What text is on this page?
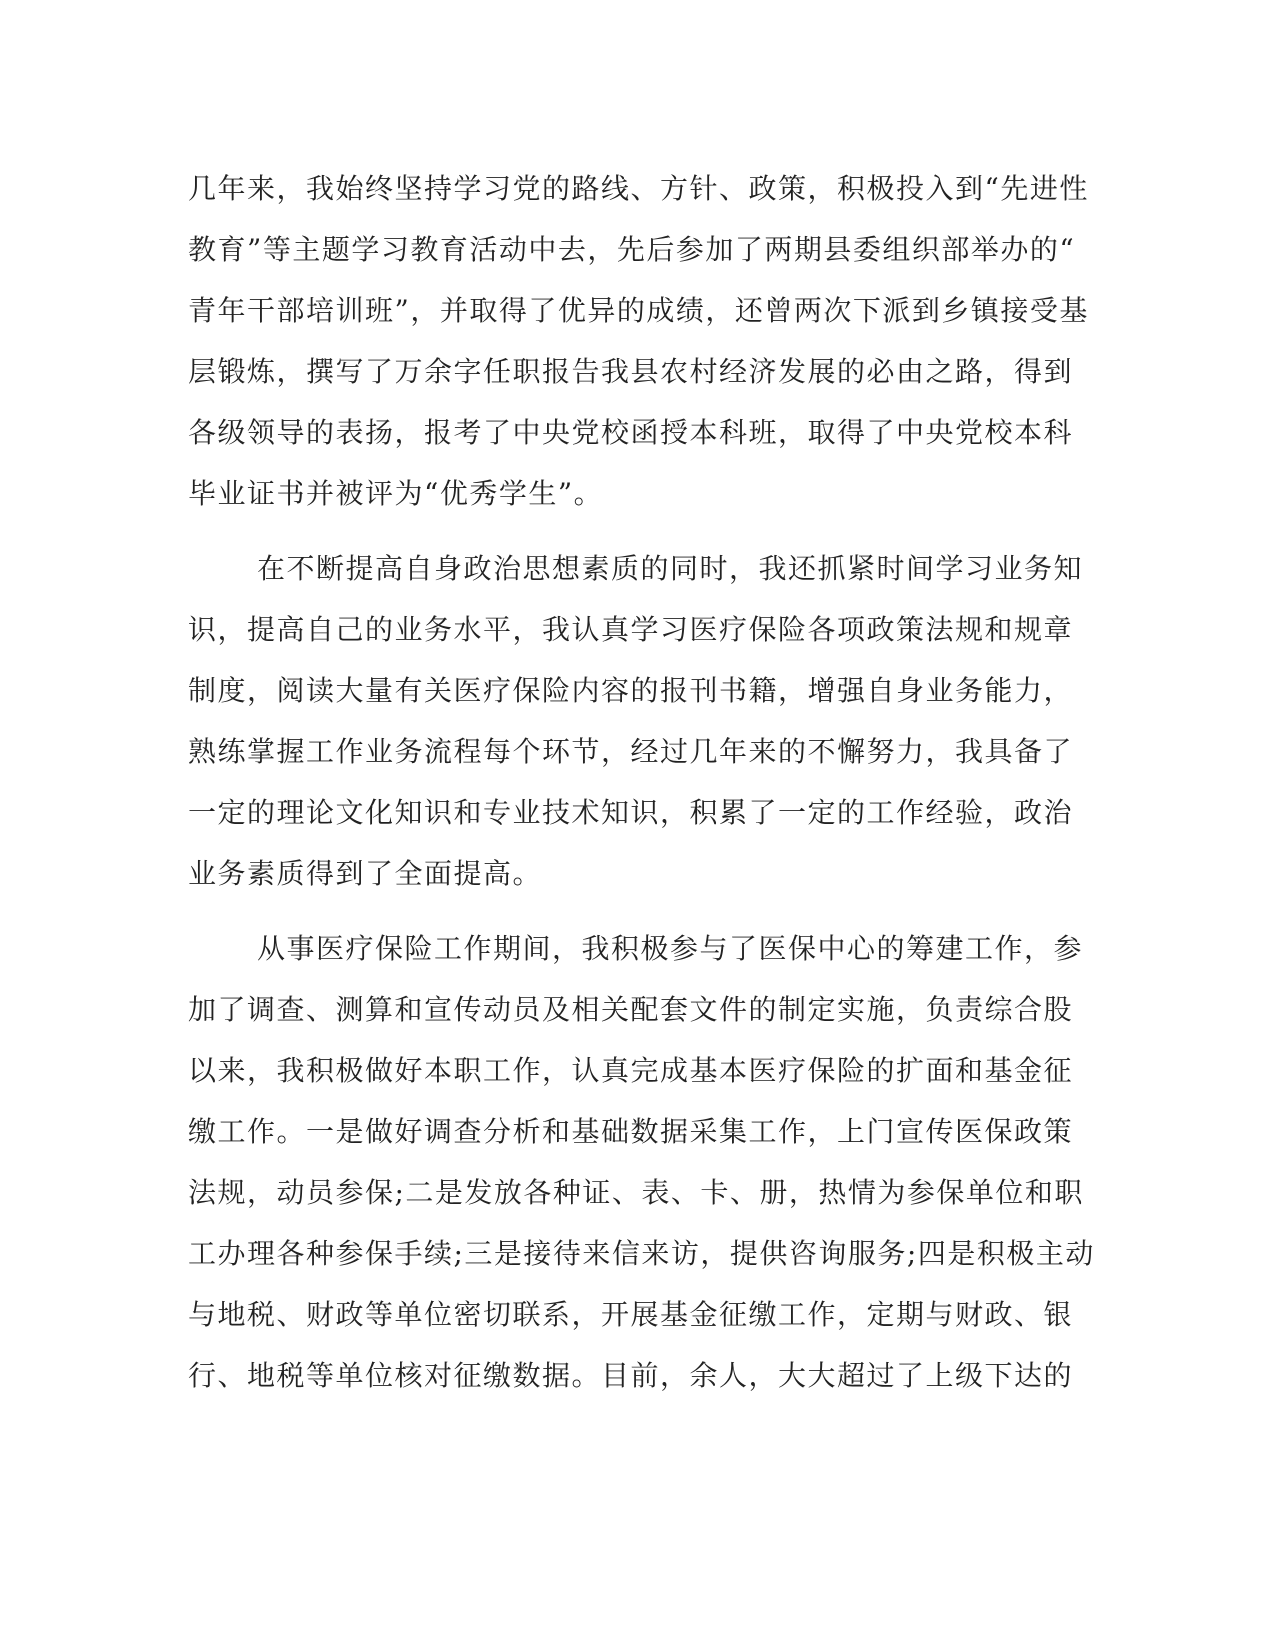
几年来，我始终坚持学习党的路线、方针、政策，积极投入到“先进性
教育”等主题学习教育活动中去，先后参加了两期县委组织部举办的“
青年干部培训班”，并取得了优异的成绩，还曾两次下派到乡镇接受基
层锻炼，撰写了万余字任职报告我县农村经济发展的必由之路，得到
各级领导的表扬，报考了中央党校函授本科班，取得了中央党校本科
毕业证书并被评为“优秀学生”。
在不断提高自身政治思想素质的同时，我还抓紧时间学习业务知
识，提高自己的业务水平，我认真学习医疗保险各项政策法规和规章
制度，阅读大量有关医疗保险内容的报刊书籍，增强自身业务能力，
熟练掌握工作业务流程每个环节，经过几年来的不懈努力，我具备了
一定的理论文化知识和专业技术知识，积累了一定的工作经验，政治
业务素质得到了全面提高。
从事医疗保险工作期间，我积极参与了医保中心的筹建工作，参
加了调查、测算和宣传动员及相关配套文件的制定实施，负责综合股
以来，我积极做好本职工作，认真完成基本医疗保险的扩面和基金征
缴工作。一是做好调查分析和基础数据采集工作，上门宣传医保政策
法规，动员参保;二是发放各种证、表、卡、册，热情为参保单位和职
工办理各种参保手续;三是接待来信来访，提供咨询服务;四是积极主动
与地税、财政等单位密切联系，开展基金征缴工作，定期与财政、银
行、地税等单位核对征缴数据。目前，余人，大大超过了上级下达的
